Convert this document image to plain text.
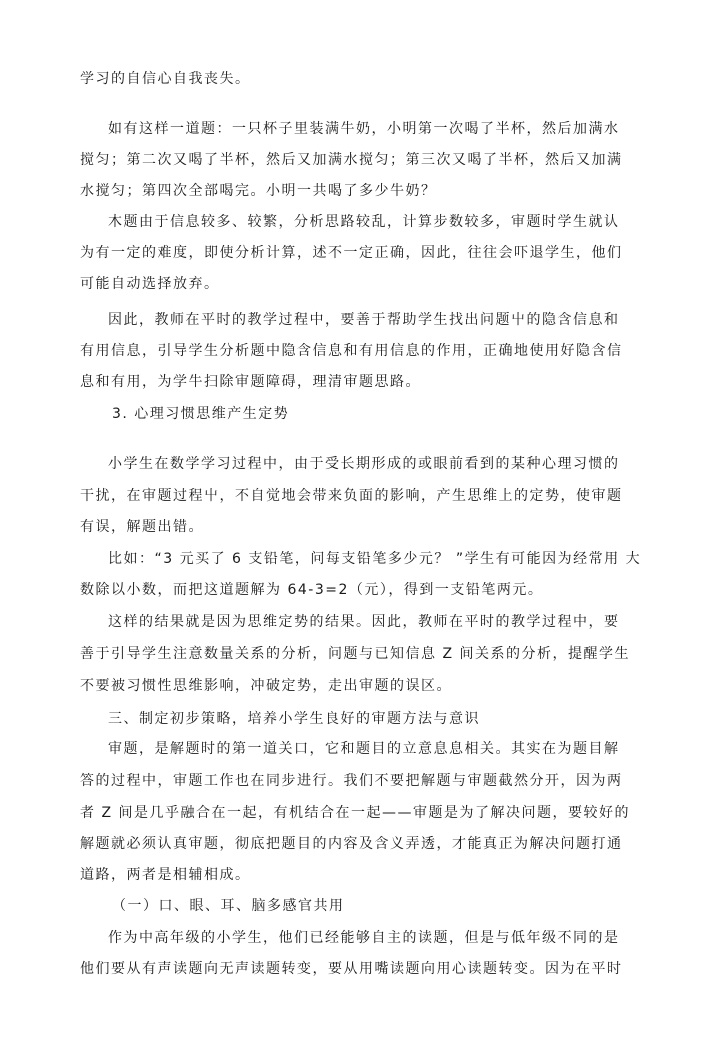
学习的自信心自我丧失。
如有这样一道题：一只杯子里装满牛奶，小明第一次喝了半杯，然后加满水
搅匀；第二次又喝了半杯，然后又加满水搅匀；第三次又喝了半杯，然后又加满
水搅匀；第四次全部喝完。小明一共喝了多少牛奶？
木题由于信息较多、较繁，分析思路较乱，计算步数较多，审题时学生就认
为有一定的难度，即使分析计算，述不一定正确，因此，往往会吓退学生，他们
可能自动选择放弃。
因此，教师在平时的教学过程中，要善于帮助学生找出问题屮的隐含信息和
有用信息，引导学生分析题中隐含信息和有用信息的作用，正确地使用好隐含信
息和有用，为学牛扫除审题障碍，理清审题思路。
3. 心理习惯思维产生定势
小学生在数学学习过程中，由于受长期形成的或眼前看到的某种心理习惯的
干扰，在审题过程屮，不自觉地会带来负面的影响，产生思维上的定势，使审题
有误，解题出错。
比如：“3 元买了 6 支铅笔，问每支铅笔多少元？ ”学生有可能因为经常用 大
数除以小数，而把这道题解为 64-3=2（元），得到一支铅笔两元。
这样的结果就是因为思维定势的结果。因此，教师在平时的教学过程中，要
善于引导学生注意数量关系的分析，问题与已知信息 Z 间关系的分析，提醒学生
不要被习惯性思维影响，冲破定势，走出审题的误区。
三、制定初步策略，培养小学生良好的审题方法与意识
审题，是解题时的第一道关口，它和题目的立意息息相关。其实在为题目解
答的过程中，审题工作也在同步进行。我们不要把解题与审题截然分开，因为两
者 Z 间是几乎融合在一起，有机结合在一起——审题是为了解决问题，要较好的
解题就必须认真审题，彻底把题目的内容及含义弄透，才能真正为解决问题打通
道路，两者是相辅相成。
（一）口、眼、耳、脑多感官共用
作为中高年级的小学生，他们已经能够自主的读题，但是与低年级不同的是
他们要从有声读题向无声读题转变，要从用嘴读题向用心读题转变。因为在平时
